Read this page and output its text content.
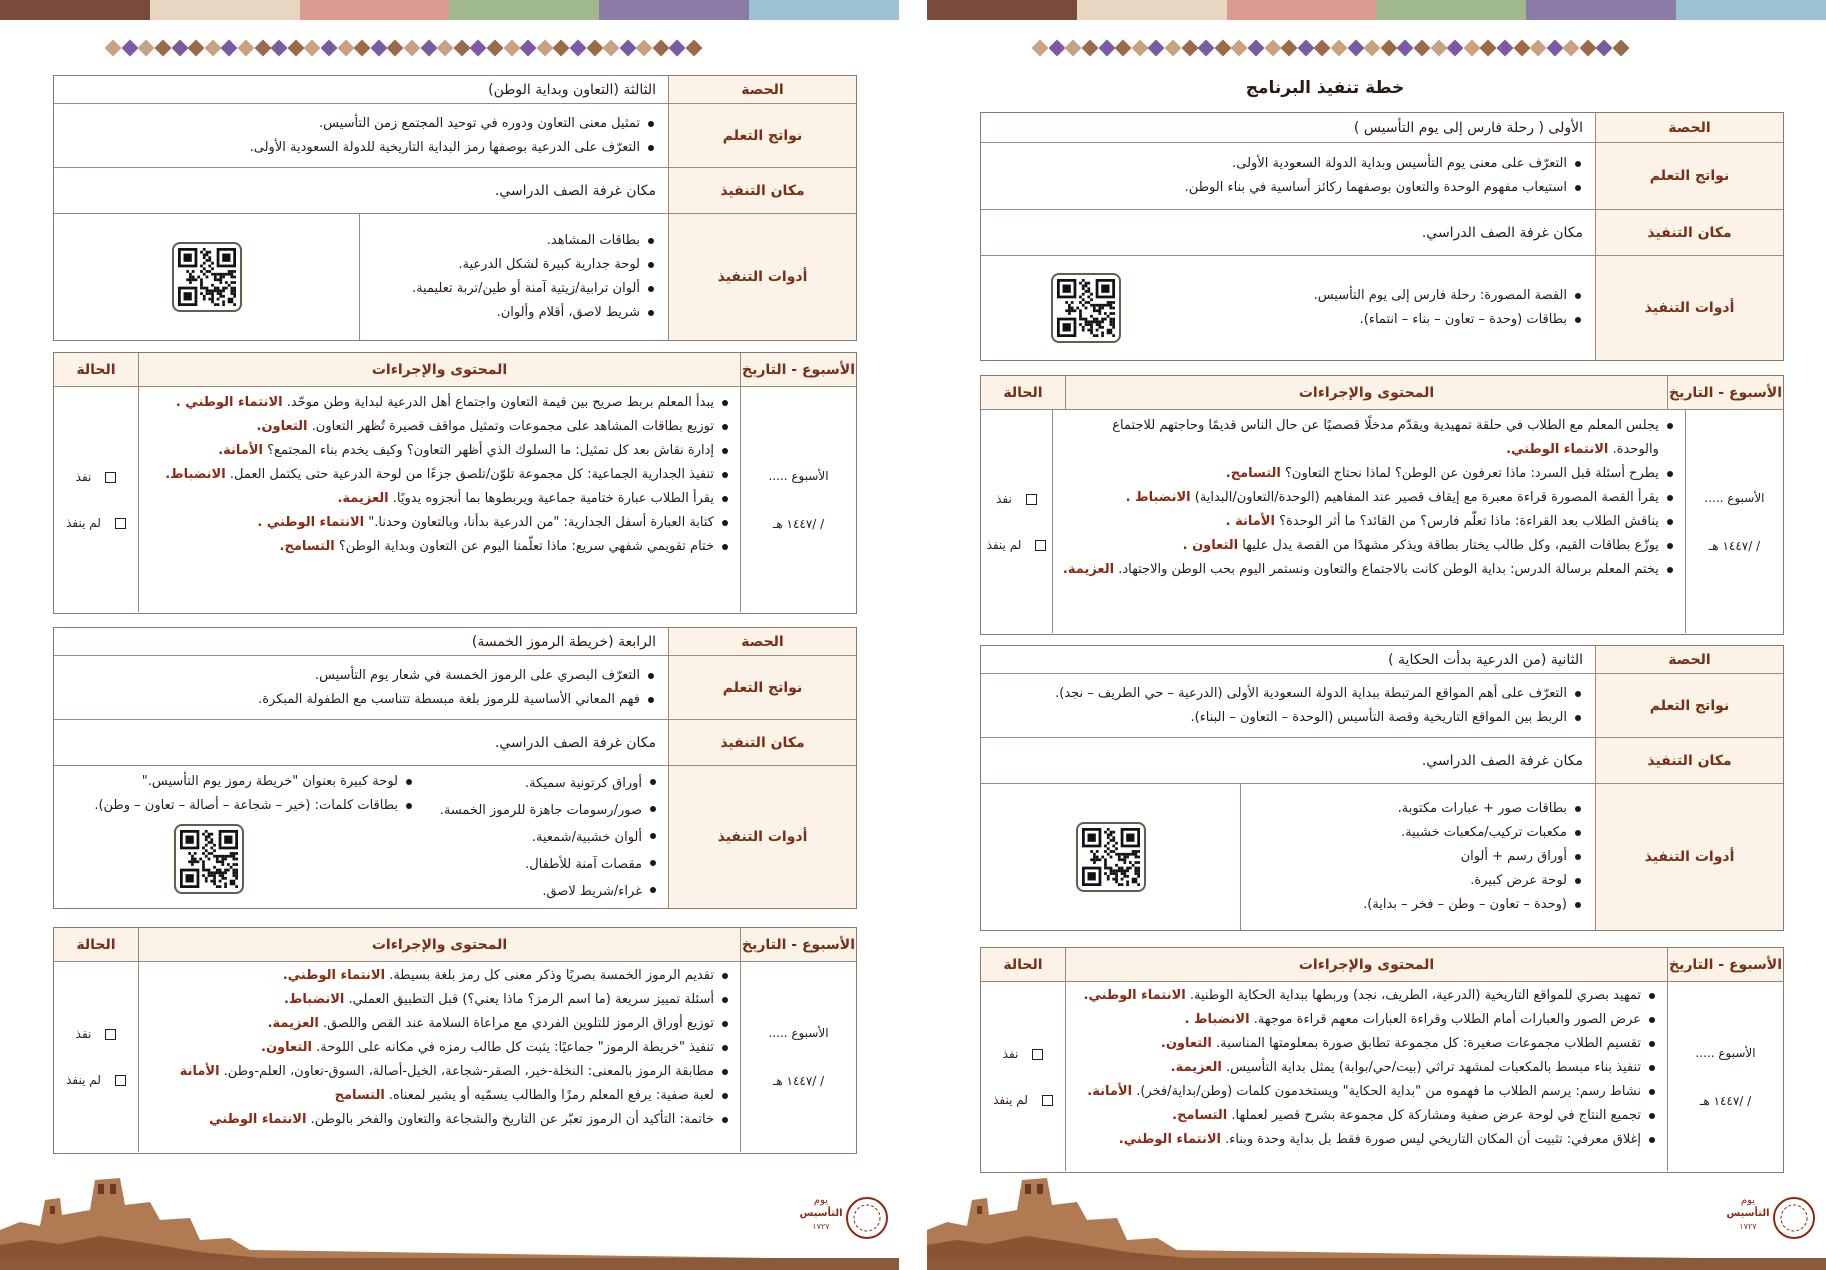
خطة تنفيذ البرنامج
الحصة
الأولى ( رحلة فارس إلى يوم التأسيس )
نواتج التعلم
التعرّف على معنى يوم التأسيس وبداية الدولة السعودية الأولى.
استيعاب مفهوم الوحدة والتعاون بوصفهما ركائز أساسية في بناء الوطن.
مكان التنفيذ
مكان غرفة الصف الدراسي.
أدوات التنفيذ
القصة المصورة: رحلة فارس إلى يوم التأسيس.
بطاقات (وحدة – تعاون – بناء – انتماء).
الأسبوع - التاريخ
المحتوى والإجراءات
الحالة
الأسبوع .....
/ /١٤٤٧ هـ
يجلس المعلم مع الطلاب في حلقة تمهيدية ويقدّم مدخلًا قصصيًا عن حال الناس قديمًا وحاجتهم للاجتماع
والوحدة. الانتماء الوطني.
يطرح أسئلة قبل السرد: ماذا تعرفون عن الوطن؟ لماذا نحتاج التعاون؟ التسامح.
يقرأ القصة المصورة قراءة معبرة مع إيقاف قصير عند المفاهيم (الوحدة/التعاون/البداية) الانضباط .
يناقش الطلاب بعد القراءة: ماذا تعلّم فارس؟ من القائد؟ ما أثر الوحدة؟ الأمانة .
يوزّع بطاقات القيم، وكل طالب يختار بطاقة ويذكر مشهدًا من القصة يدل عليها التعاون .
يختم المعلم برسالة الدرس: بداية الوطن كانت بالاجتماع والتعاون ونستمر اليوم بحب الوطن والاجتهاد. العزيمة.
نفذ
لم ينفذ
الحصة
الثانية (من الدرعية بدأت الحكاية )
نواتج التعلم
التعرّف على أهم المواقع المرتبطة ببداية الدولة السعودية الأولى (الدرعية – حي الطريف – نجد).
الربط بين المواقع التاريخية وقصة التأسيس (الوحدة – التعاون – البناء).
مكان التنفيذ
مكان غرفة الصف الدراسي.
أدوات التنفيذ
بطاقات صور + عبارات مكتوبة.
مكعبات تركيب/مكعبات خشبية.
أوراق رسم + ألوان
لوحة عرض كبيرة.
(وحدة – تعاون – وطن – فخر – بداية).
الأسبوع - التاريخ
المحتوى والإجراءات
الحالة
الأسبوع .....
/ /١٤٤٧ هـ
تمهيد بصري للمواقع التاريخية (الدرعية، الطريف، نجد) وربطها ببداية الحكاية الوطنية. الانتماء الوطني.
عرض الصور والعبارات أمام الطلاب وقراءة العبارات معهم قراءة موجهة. الانضباط .
تقسيم الطلاب مجموعات صغيرة: كل مجموعة تطابق صورة بمعلومتها المناسبة. التعاون.
تنفيذ بناء مبسط بالمكعبات لمشهد تراثي (بيت/حي/بوابة) يمثل بداية التأسيس. العزيمة.
نشاط رسم: يرسم الطلاب ما فهموه من "بداية الحكاية" ويستخدمون كلمات (وطن/بداية/فخر). الأمانة.
تجميع النتاج في لوحة عرض صفية ومشاركة كل مجموعة بشرح قصير لعملها. التسامح.
إغلاق معرفي: تثبيت أن المكان التاريخي ليس صورة فقط بل بداية وحدة وبناء. الانتماء الوطني.
نفذ
لم ينفذ
يوم
التأسيس
١٧٢٧
الحصة
الثالثة (التعاون وبداية الوطن)
نواتج التعلم
تمثيل معنى التعاون ودوره في توحيد المجتمع زمن التأسيس.
التعرّف على الدرعية بوصفها رمز البداية التاريخية للدولة السعودية الأولى.
مكان التنفيذ
مكان غرفة الصف الدراسي.
أدوات التنفيذ
بطاقات المشاهد.
لوحة جدارية كبيرة لشكل الدرعية.
ألوان ترابية/زيتية آمنة أو طين/تربة تعليمية.
شريط لاصق، أقلام وألوان.
الأسبوع - التاريخ
المحتوى والإجراءات
الحالة
الأسبوع .....
/ /١٤٤٧ هـ
يبدأ المعلم بربط صريح بين قيمة التعاون واجتماع أهل الدرعية لبداية وطن موحّد. الانتماء الوطني .
توزيع بطاقات المشاهد على مجموعات وتمثيل مواقف قصيرة تُظهر التعاون. التعاون.
إدارة نقاش بعد كل تمثيل: ما السلوك الذي أظهر التعاون؟ وكيف يخدم بناء المجتمع؟ الأمانة.
تنفيذ الجدارية الجماعية: كل مجموعة تلوّن/تلصق جزءًا من لوحة الدرعية حتى يكتمل العمل. الانضباط.
يقرأ الطلاب عبارة ختامية جماعية ويربطوها بما أنجزوه يدويًا. العزيمة.
كتابة العبارة أسفل الجدارية: "من الدرعية بدأنا، وبالتعاون وحدنا." الانتماء الوطني .
ختام تقويمي شفهي سريع: ماذا تعلّمنا اليوم عن التعاون وبداية الوطن؟ التسامح.
نفذ
لم ينفذ
الحصة
الرابعة (خريطة الرموز الخمسة)
نواتج التعلم
التعرّف البصري على الرموز الخمسة في شعار يوم التأسيس.
فهم المعاني الأساسية للرموز بلغة مبسطة تتناسب مع الطفولة المبكرة.
مكان التنفيذ
مكان غرفة الصف الدراسي.
أدوات التنفيذ
أوراق كرتونية سميكة.
صور/رسومات جاهزة للرموز الخمسة.
ألوان خشبية/شمعية.
مقصات آمنة للأطفال.
غراء/شريط لاصق.
لوحة كبيرة بعنوان "خريطة رموز يوم التأسيس."
بطاقات كلمات: (خير – شجاعة – أصالة – تعاون – وطن).
الأسبوع - التاريخ
المحتوى والإجراءات
الحالة
الأسبوع .....
/ /١٤٤٧ هـ
تقديم الرموز الخمسة بصريًا وذكر معنى كل رمز بلغة بسيطة. الانتماء الوطني.
أسئلة تمييز سريعة (ما اسم الرمز؟ ماذا يعني؟) قبل التطبيق العملي. الانضباط.
توزيع أوراق الرموز للتلوين الفردي مع مراعاة السلامة عند القص واللصق. العزيمة.
تنفيذ "خريطة الرموز" جماعيًا: يثبت كل طالب رمزه في مكانه على اللوحة. التعاون.
مطابقة الرموز بالمعنى: النخلة-خير، الصقر-شجاعة، الخيل-أصالة، السوق-تعاون، العلم-وطن. الأمانة
لعبة صفية: يرفع المعلم رمزًا والطالب يسمّيه أو يشير لمعناه. التسامح
خاتمة: التأكيد أن الرموز تعبّر عن التاريخ والشجاعة والتعاون والفخر بالوطن. الانتماء الوطني
نفذ
لم ينفذ
يوم
التأسيس
١٧٢٧
